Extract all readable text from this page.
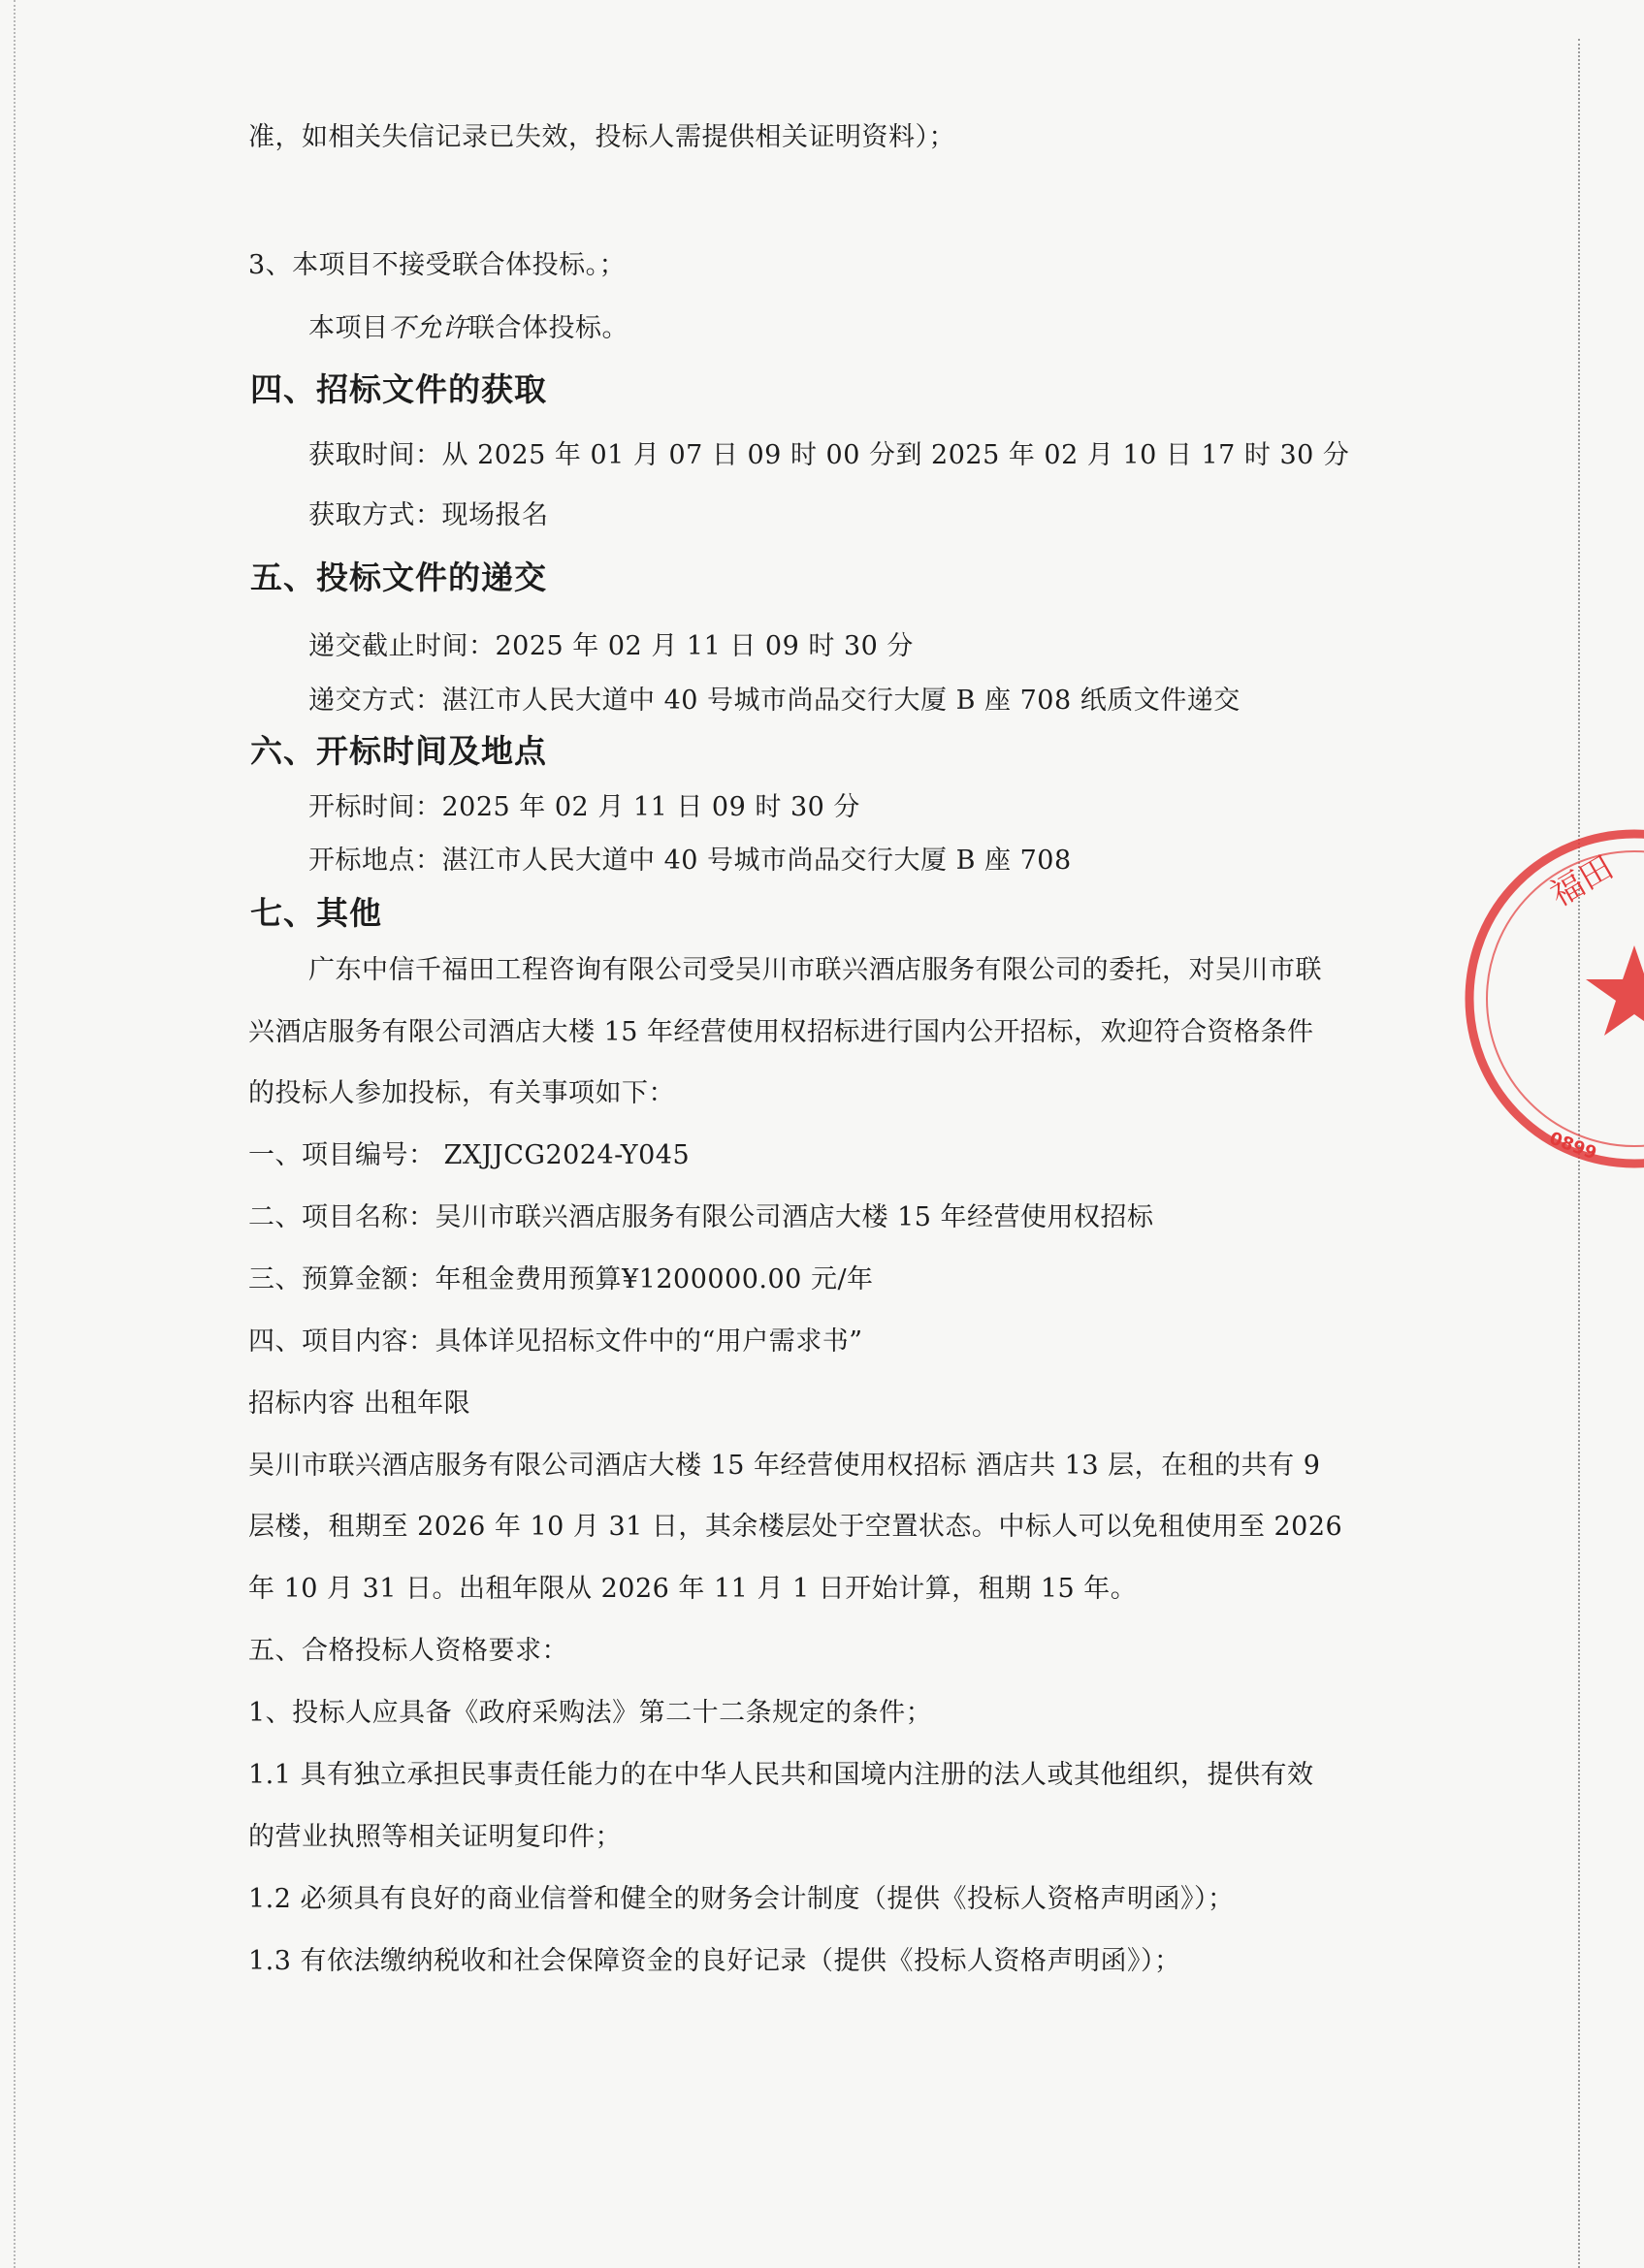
准，如相关失信记录已失效，投标人需提供相关证明资料）；
3、本项目不接受联合体投标。；
本项目不允许联合体投标。
四、招标文件的获取
获取时间：从 2025 年 01 月 07 日 09 时 00 分到 2025 年 02 月 10 日 17 时 30 分
获取方式：现场报名
五、投标文件的递交
递交截止时间：2025 年 02 月 11 日 09 时 30 分
递交方式：湛江市人民大道中 40 号城市尚品交行大厦 B 座 708 纸质文件递交
六、开标时间及地点
开标时间：2025 年 02 月 11 日 09 时 30 分
开标地点：湛江市人民大道中 40 号城市尚品交行大厦 B 座 708
七、其他
广东中信千福田工程咨询有限公司受吴川市联兴酒店服务有限公司的委托，对吴川市联
兴酒店服务有限公司酒店大楼 15 年经营使用权招标进行国内公开招标，欢迎符合资格条件
的投标人参加投标，有关事项如下：
一、项目编号： ZXJJCG2024-Y045
二、项目名称：吴川市联兴酒店服务有限公司酒店大楼 15 年经营使用权招标
三、预算金额：年租金费用预算¥1200000.00 元/年
四、项目内容：具体详见招标文件中的“用户需求书”
招标内容 出租年限
吴川市联兴酒店服务有限公司酒店大楼 15 年经营使用权招标 酒店共 13 层，在租的共有 9
层楼，租期至 2026 年 10 月 31 日，其余楼层处于空置状态。中标人可以免租使用至 2026
年 10 月 31 日。出租年限从 2026 年 11 月 1 日开始计算，租期 15 年。
五、合格投标人资格要求：
1、投标人应具备《政府采购法》第二十二条规定的条件；
1.1 具有独立承担民事责任能力的在中华人民共和国境内注册的法人或其他组织，提供有效
的营业执照等相关证明复印件；
1.2 必须具有良好的商业信誉和健全的财务会计制度（提供《投标人资格声明函》）；
1.3 有依法缴纳税收和社会保障资金的良好记录（提供《投标人资格声明函》）；
福田
0899
